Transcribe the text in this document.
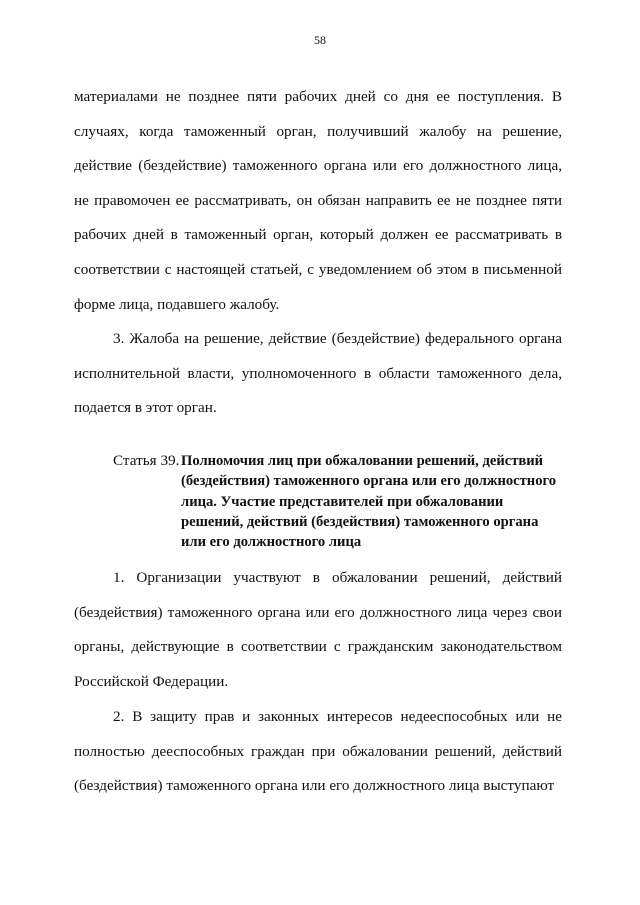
58

материалами не позднее пяти рабочих дней со дня ее поступления. В случаях, когда таможенный орган, получивший жалобу на решение, действие (бездействие) таможенного органа или его должностного лица, не правомочен ее рассматривать, он обязан направить ее не позднее пяти рабочих дней в таможенный орган, который должен ее рассматривать в соответствии с настоящей статьей, с уведомлением об этом в письменной форме лица, подавшего жалобу.

3. Жалоба на решение, действие (бездействие) федерального органа исполнительной власти, уполномоченного в области таможенного дела, подается в этот орган.

Статья 39. Полномочия лиц при обжаловании решений, действий (бездействия) таможенного органа или его должностного лица. Участие представителей при обжаловании решений, действий (бездействия) таможенного органа или его должностного лица

1. Организации участвуют в обжаловании решений, действий (бездействия) таможенного органа или его должностного лица через свои органы, действующие в соответствии с гражданским законодательством Российской Федерации.

2. В защиту прав и законных интересов недееспособных или не полностью дееспособных граждан при обжаловании решений, действий (бездействия) таможенного органа или его должностного лица выступают
